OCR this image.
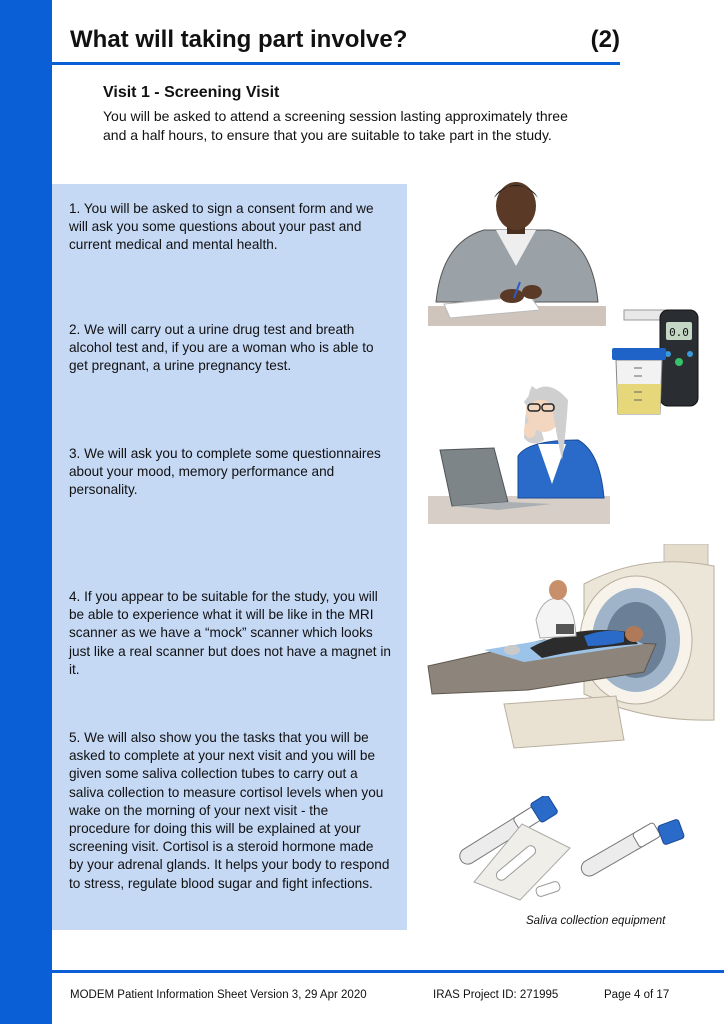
What will taking part involve?	(2)
Visit 1 - Screening Visit

You will be asked to attend a screening session lasting approximately three and a half hours, to ensure that you are suitable to take part in the study.

1. You will be asked to sign a consent form and we will ask you some questions about your past and current medical and mental health.

2. We will carry out a urine drug test and breath alcohol test and, if you are a woman who is able to get pregnant, a urine pregnancy test.

3. We will ask you to complete some questionnaires about your mood, memory performance and personality.

4. If you appear to be suitable for the study, you will be able to experience what it will be like in the MRI scanner as we have a “mock” scanner which looks just like a real scanner but does not have a magnet in it.

5. We will also show you the tasks that you will be asked to complete at your next visit and you will be given some saliva collection tubes to carry out a saliva collection to measure cortisol levels when you wake on the morning of your next visit - the procedure for doing this will be explained at your screening visit. Cortisol is a steroid hormone made by your adrenal glands. It helps your body to respond to stress, regulate blood sugar and fight infections.

0.0

Saliva collection equipment

MODEM Patient Information Sheet Version 3, 29 Apr 2020	IRAS Project ID: 271995	Page 4 of 17
